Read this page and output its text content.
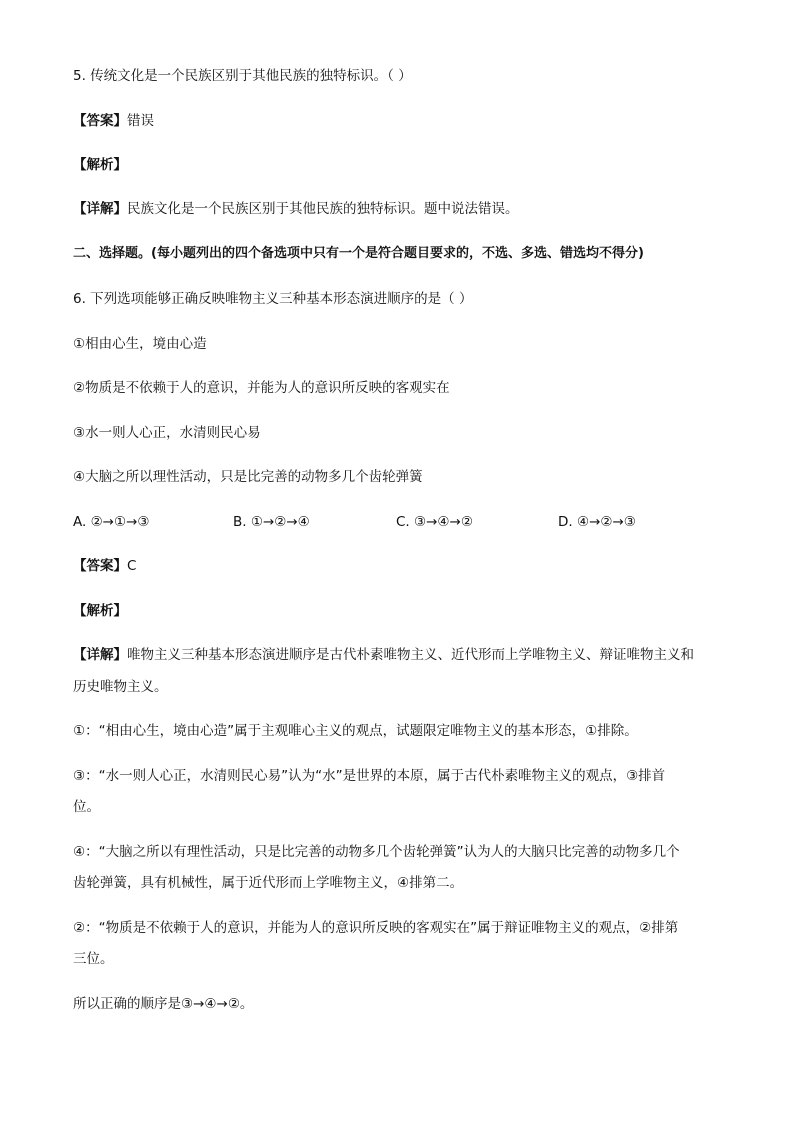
5. 传统文化是一个民族区别于其他民族的独特标识。（ ）
【答案】错误
【解析】
【详解】民族文化是一个民族区别于其他民族的独特标识。题中说法错误。
二、选择题。(每小题列出的四个备选项中只有一个是符合题目要求的，不选、多选、错选均不得分)
6. 下列选项能够正确反映唯物主义三种基本形态演进顺序的是（ ）
①相由心生，境由心造
②物质是不依赖于人的意识，并能为人的意识所反映的客观实在
③水一则人心正，水清则民心易
④大脑之所以理性活动，只是比完善的动物多几个齿轮弹簧
A. ②→①→③	B. ①→②→④	C. ③→④→②	D. ④→②→③
【答案】C
【解析】
【详解】唯物主义三种基本形态演进顺序是古代朴素唯物主义、近代形而上学唯物主义、辩证唯物主义和
历史唯物主义。
①：“相由心生，境由心造”属于主观唯心主义的观点，试题限定唯物主义的基本形态，①排除。
③：“水一则人心正，水清则民心易”认为“水”是世界的本原，属于古代朴素唯物主义的观点，③排首
位。
④：“大脑之所以有理性活动，只是比完善的动物多几个齿轮弹簧”认为人的大脑只比完善的动物多几个
齿轮弹簧，具有机械性，属于近代形而上学唯物主义，④排第二。
②：“物质是不依赖于人的意识，并能为人的意识所反映的客观实在”属于辩证唯物主义的观点，②排第
三位。
所以正确的顺序是③→④→②。
